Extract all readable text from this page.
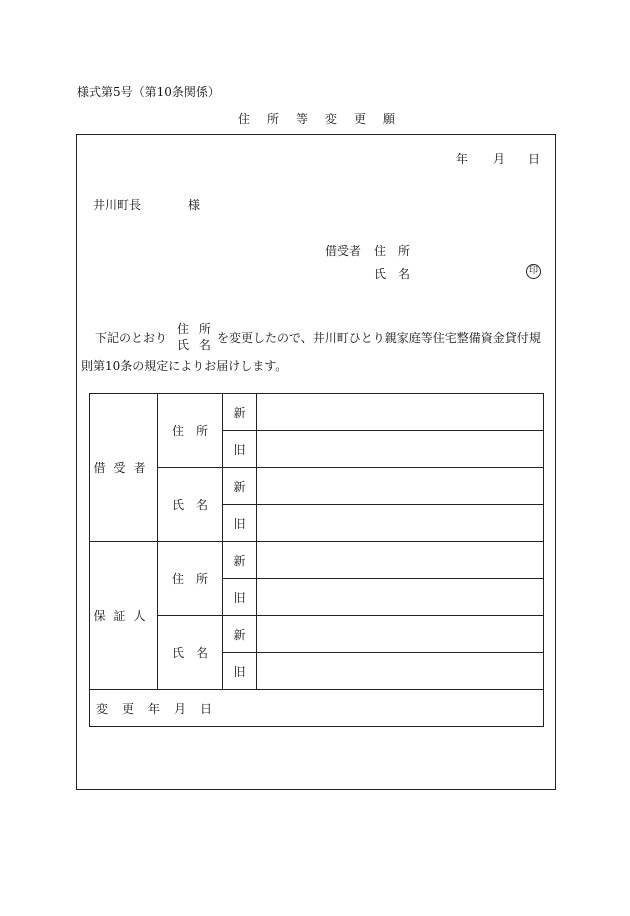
様式第5号（第10条関係）
住所等変更願
年 月 日
井川町長	様
借受者 住　所
氏　名	印
下記のとおり
住 所
氏 名 を変更したので、井川町ひとり親家庭等住宅整備資金貸付規
則第10条の規定によりお届けします。
借受者	住　所	新	
		旧	
	氏　名	新	
		旧	
保証人	住　所	新	
		旧	
	氏　名	新	
		旧	
変更年月日			
